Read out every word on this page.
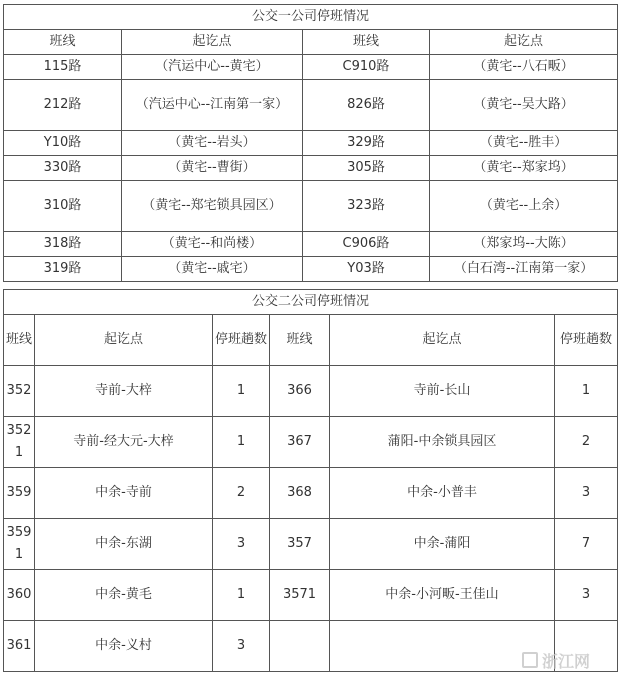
公交一公司停班情况			
班线	起讫点	班线	起讫点
115路	（汽运中心--黄宅）	C910路	（黄宅--八石畈）
212路	（汽运中心--江南第一家）	826路	（黄宅--吴大路）
Y10路	（黄宅--岩头）	329路	（黄宅--胜丰）
330路	（黄宅--曹街）	305路	（黄宅--郑家坞）
310路	（黄宅--郑宅锁具园区）	323路	（黄宅--上余）
318路	（黄宅--和尚楼）	C906路	（郑家坞--大陈）
319路	（黄宅--戚宅）	Y03路	（白石湾--江南第一家）
公交二公司停班情况					
班线	起讫点	停班趟数	班线	起讫点	停班趟数
352	寺前-大梓	1	366	寺前-长山	1
3521	寺前-经大元-大梓	1	367	蒲阳-中余锁具园区	2
359	中余-寺前	2	368	中余-小普丰	3
3591	中余-东湖	3	357	中余-蒲阳	7
360	中余-黄毛	1	3571	中余-小河畈-王佳山	3
361	中余-义村	3			
浙江网
